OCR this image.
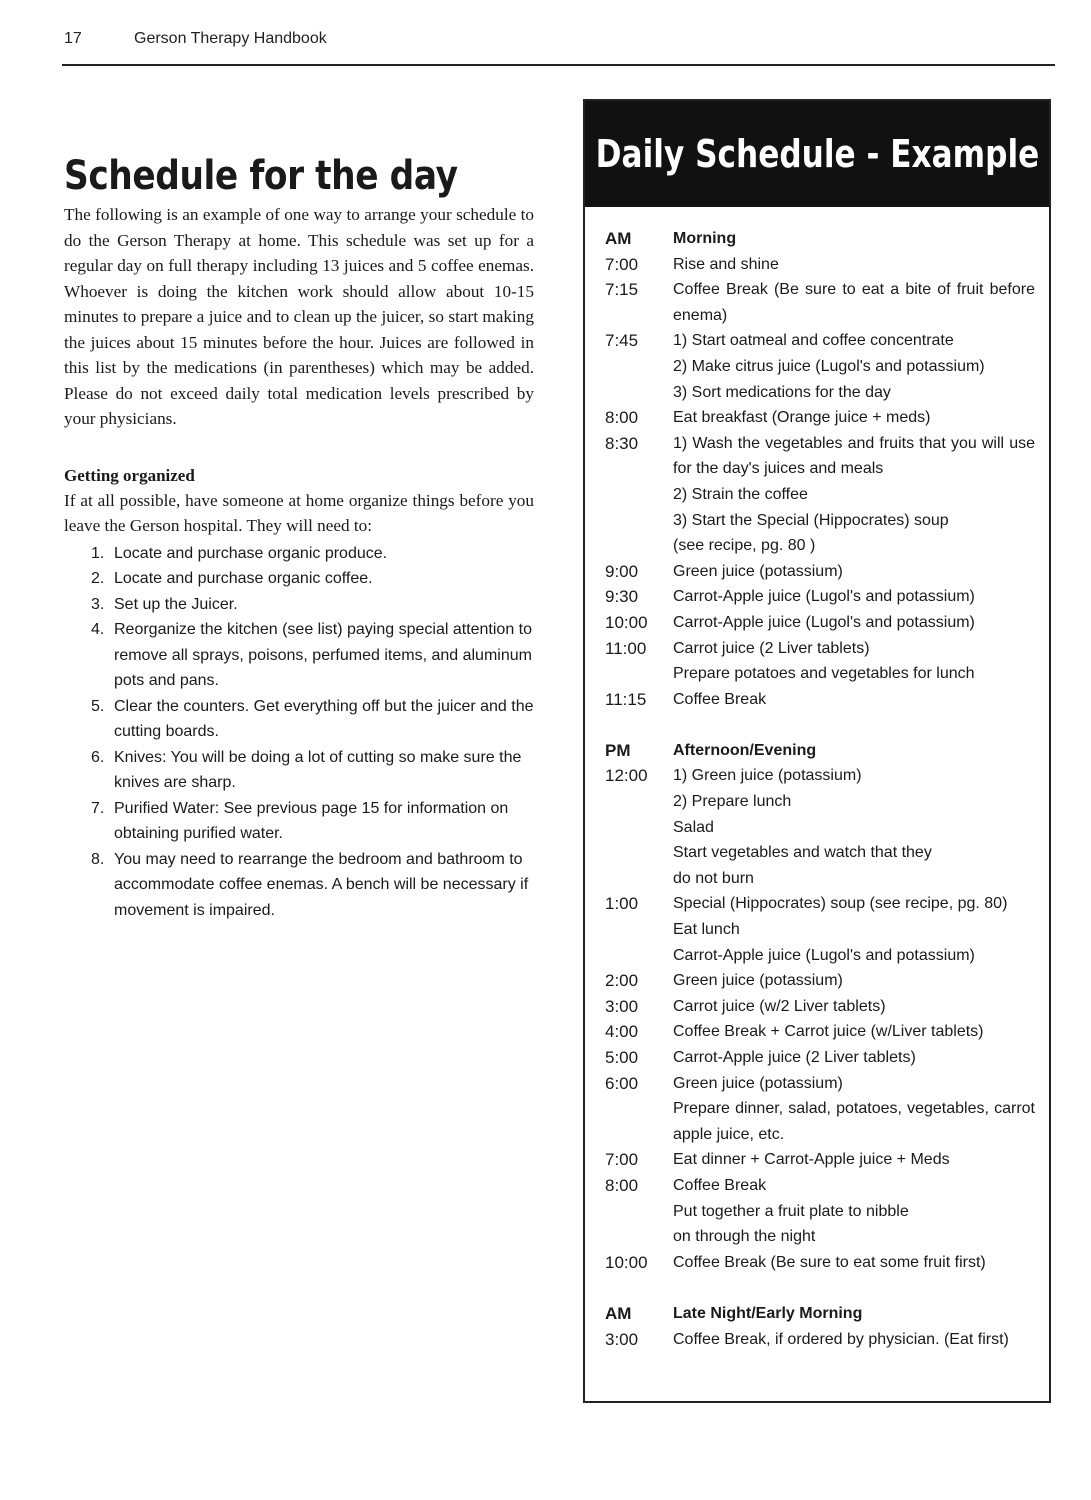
17	Gerson Therapy Handbook
Schedule for the day

The following is an example of one way to arrange your schedule to do the Gerson Therapy at home. This schedule was set up for a regular day on full therapy including 13 juices and 5 coffee enemas. Whoever is doing the kitchen work should allow about 10-15 minutes to prepare a juice and to clean up the juicer, so start making the juices about 15 minutes before the hour. Juices are followed in this list by the medications (in parentheses) which may be added. Please do not exceed daily total medication levels prescribed by your physicians.

Getting organized

If at all possible, have someone at home organize things before you leave the Gerson hospital. They will need to:

1. Locate and purchase organic produce.
2. Locate and purchase organic coffee.
3. Set up the Juicer.
4. Reorganize the kitchen (see list) paying special attention to remove all sprays, poisons, perfumed items, and aluminum pots and pans.
5. Clear the counters. Get everything off but the juicer and the cutting boards.
6. Knives: You will be doing a lot of cutting so make sure the knives are sharp.
7. Purified Water: See previous page 15 for information on obtaining purified water.
8. You may need to rearrange the bedroom and bathroom to accommodate coffee enemas. A bench will be necessary if movement is impaired.
Daily Schedule - Example
AM	Morning
7:00	Rise and shine
7:15	Coffee Break (Be sure to eat a bite of fruit before enema)
7:45	1) Start oatmeal and coffee concentrate
2) Make citrus juice (Lugol's and potassium)
3) Sort medications for the day
8:00	Eat breakfast (Orange juice + meds)
8:30	1) Wash the vegetables and fruits that you will use for the day's juices and meals
2) Strain the coffee
3) Start the Special (Hippocrates) soup
(see recipe, pg. 80 )
9:00	Green juice (potassium)
9:30	Carrot-Apple juice (Lugol's and potassium)
10:00	Carrot-Apple juice (Lugol's and potassium)
11:00	Carrot juice (2 Liver tablets)
Prepare potatoes and vegetables for lunch
11:15	Coffee Break
PM	Afternoon/Evening
12:00	1) Green juice (potassium)
2) Prepare lunch
Salad
Start vegetables and watch that they
do not burn
1:00	Special (Hippocrates) soup (see recipe, pg. 80)
Eat lunch
Carrot-Apple juice (Lugol's and potassium)
2:00	Green juice (potassium)
3:00	Carrot juice (w/2 Liver tablets)
4:00	Coffee Break + Carrot juice (w/Liver tablets)
5:00	Carrot-Apple juice (2 Liver tablets)
6:00	Green juice (potassium)
Prepare dinner, salad, potatoes, vegetables, carrot apple juice, etc.
7:00	Eat dinner + Carrot-Apple juice + Meds
8:00	Coffee Break
Put together a fruit plate to nibble
on through the night
10:00	Coffee Break (Be sure to eat some fruit first)
AM	Late Night/Early Morning
3:00	Coffee Break, if ordered by physician. (Eat first)
